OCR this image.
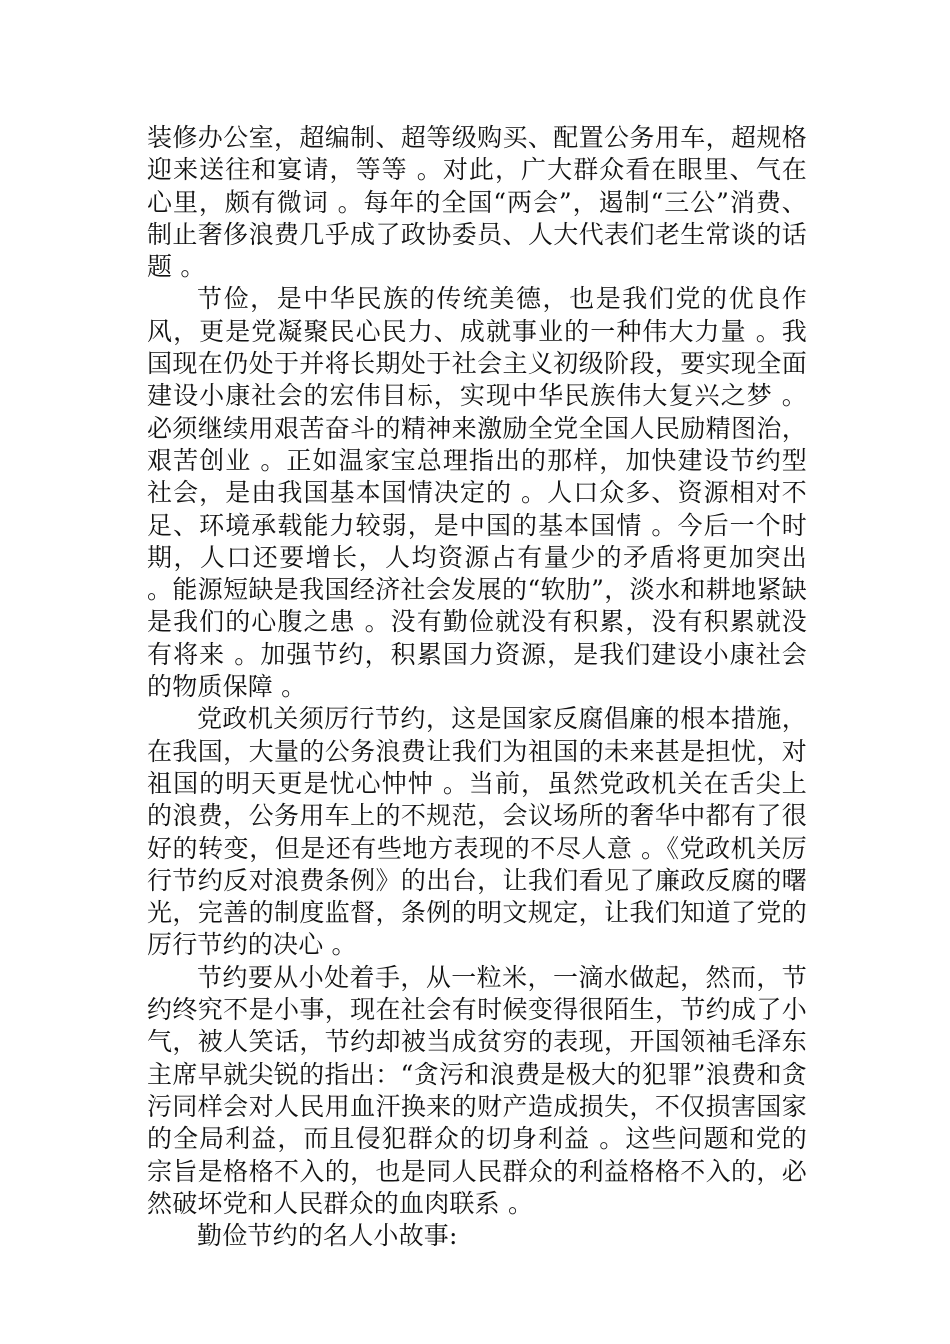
装修办公室，超编制、超等级购买、配置公务用车，超规格迎来送往和宴请，等等 。对此，广大群众看在眼里、气在心里，颇有微词 。每年的全国“两会”，遏制“三公”消费、制止奢侈浪费几乎成了政协委员、人大代表们老生常谈的话题 。

节俭，是中华民族的传统美德，也是我们党的优良作风，更是党凝聚民心民力、成就事业的一种伟大力量 。我国现在仍处于并将长期处于社会主义初级阶段，要实现全面建设小康社会的宏伟目标，实现中华民族伟大复兴之梦 。必须继续用艰苦奋斗的精神来激励全党全国人民励精图治，艰苦创业 。正如温家宝总理指出的那样，加快建设节约型社会，是由我国基本国情决定的 。人口众多、资源相对不足、环境承载能力较弱，是中国的基本国情 。今后一个时期，人口还要增长，人均资源占有量少的矛盾将更加突出 。能源短缺是我国经济社会发展的“软肋”，淡水和耕地紧缺是我们的心腹之患 。没有勤俭就没有积累，没有积累就没有将来 。加强节约，积累国力资源，是我们建设小康社会的物质保障 。

党政机关须厉行节约，这是国家反腐倡廉的根本措施，在我国，大量的公务浪费让我们为祖国的未来甚是担忧，对祖国的明天更是忧心忡忡 。当前，虽然党政机关在舌尖上的浪费，公务用车上的不规范，会议场所的奢华中都有了很好的转变，但是还有些地方表现的不尽人意 。《党政机关厉行节约反对浪费条例》的出台，让我们看见了廉政反腐的曙光，完善的制度监督，条例的明文规定，让我们知道了党的厉行节约的决心 。

节约要从小处着手，从一粒米，一滴水做起，然而，节约终究不是小事，现在社会有时候变得很陌生，节约成了小气，被人笑话，节约却被当成贫穷的表现，开国领袖毛泽东主席早就尖锐的指出：“贪污和浪费是极大的犯罪”浪费和贪污同样会对人民用血汗换来的财产造成损失，不仅损害国家的全局利益，而且侵犯群众的切身利益 。这些问题和党的宗旨是格格不入的，也是同人民群众的利益格格不入的，必然破坏党和人民群众的血肉联系 。

勤俭节约的名人小故事:
